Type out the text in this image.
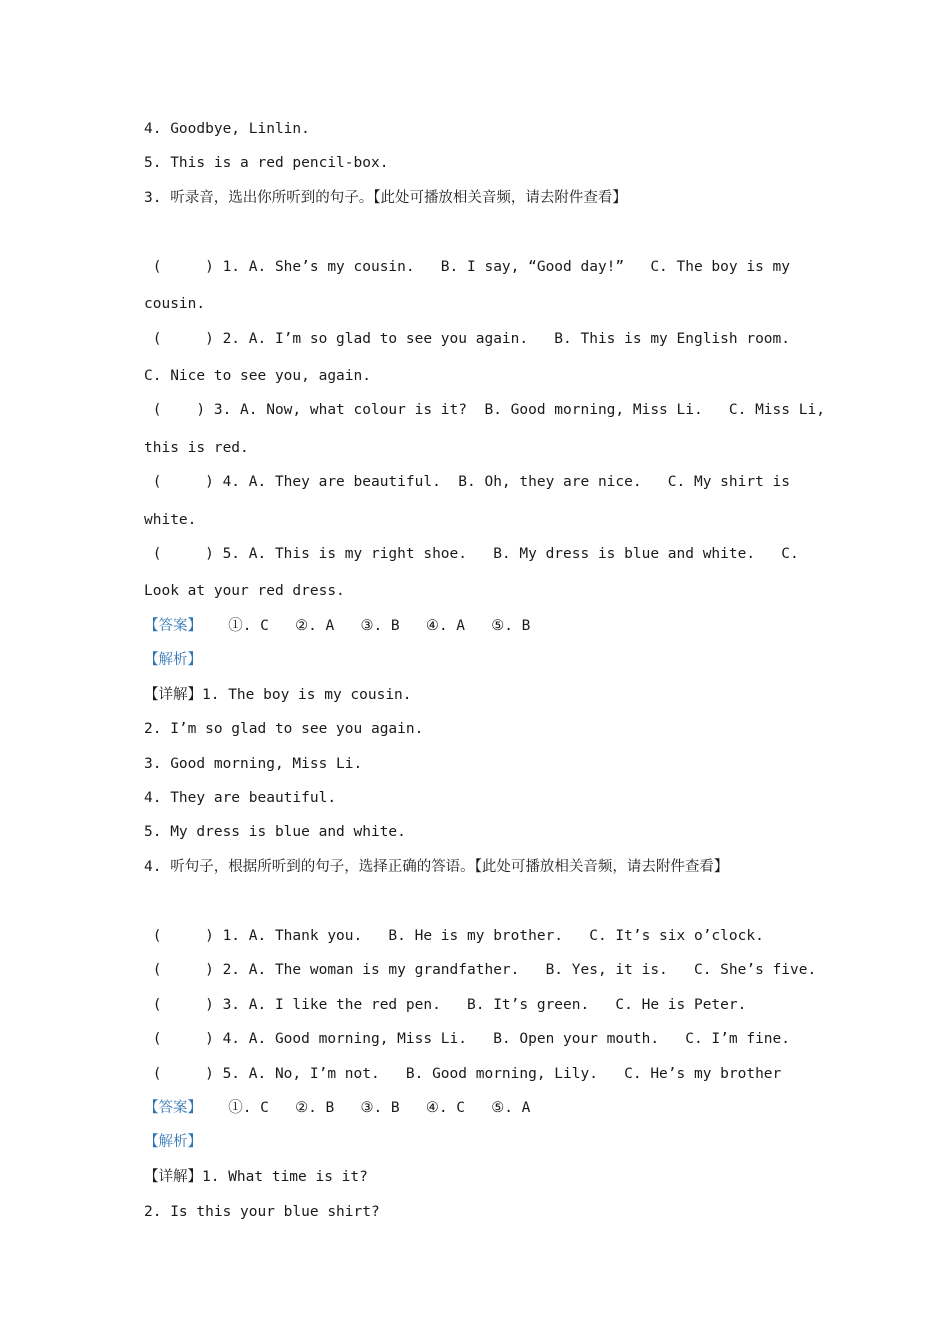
4. Goodbye, Linlin.
5. This is a red pencil-box.
3. 听录音，选出你所听到的句子。【此处可播放相关音频，请去附件查看】
(     ) 1. A. She’s my cousin.   B. I say, “Good day!”   C. The boy is my
cousin.
(     ) 2. A. I’m so glad to see you again.   B. This is my English room.
C. Nice to see you, again.
(    ) 3. A. Now, what colour is it?  B. Good morning, Miss Li.   C. Miss Li,
this is red.
(     ) 4. A. They are beautiful.  B. Oh, they are nice.   C. My shirt is
white.
(     ) 5. A. This is my right shoe.   B. My dress is blue and white.   C.
Look at your red dress.
【答案】   ①. C   ②. A   ③. B   ④. A   ⑤. B
【解析】
【详解】1. The boy is my cousin.
2. I’m so glad to see you again.
3. Good morning, Miss Li.
4. They are beautiful.
5. My dress is blue and white.
4. 听句子，根据所听到的句子，选择正确的答语。【此处可播放相关音频，请去附件查看】
(     ) 1. A. Thank you.   B. He is my brother.   C. It’s six o’clock.
(     ) 2. A. The woman is my grandfather.   B. Yes, it is.   C. She’s five.
(     ) 3. A. I like the red pen.   B. It’s green.   C. He is Peter.
(     ) 4. A. Good morning, Miss Li.   B. Open your mouth.   C. I’m fine.
(     ) 5. A. No, I’m not.   B. Good morning, Lily.   C. He’s my brother
【答案】   ①. C   ②. B   ③. B   ④. C   ⑤. A
【解析】
【详解】1. What time is it?
2. Is this your blue shirt?
